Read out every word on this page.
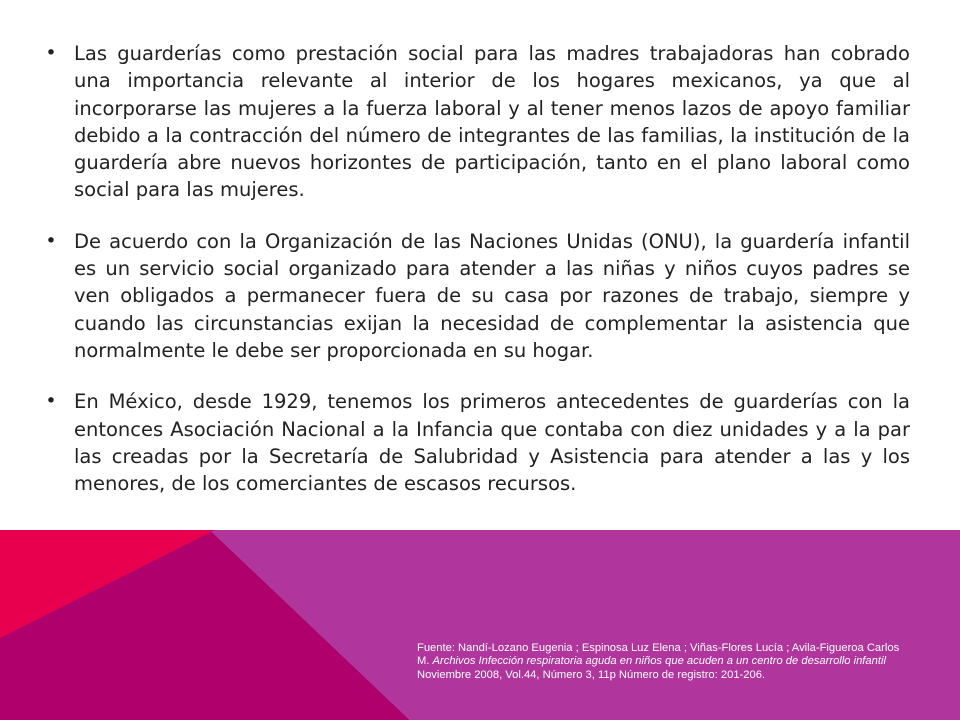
• Las guarderías como prestación social para las madres trabajadoras han cobrado una importancia relevante al interior de los hogares mexicanos, ya que al incorporarse las mujeres a la fuerza laboral y al tener menos lazos de apoyo familiar debido a la contracción del número de integrantes de las familias, la institución de la guardería abre nuevos horizontes de participación, tanto en el plano laboral como social para las mujeres.
• De acuerdo con la Organización de las Naciones Unidas (ONU), la guardería infantil es un servicio social organizado para atender a las niñas y niños cuyos padres se ven obligados a permanecer fuera de su casa por razones de trabajo, siempre y cuando las circunstancias exijan la necesidad de complementar la asistencia que normalmente le debe ser proporcionada en su hogar.
• En México, desde 1929, tenemos los primeros antecedentes de guarderías con la entonces Asociación Nacional a la Infancia que contaba con diez unidades y a la par las creadas por la Secretaría de Salubridad y Asistencia para atender a las y los menores, de los comerciantes de escasos recursos.
Fuente: Nandí-Lozano Eugenia ; Espinosa Luz Elena ; Viñas-Flores Lucía ; Avila-Figueroa Carlos
M. Archivos Infección respiratoria aguda en niños que acuden a un centro de desarrollo infantil
Noviembre 2008, Vol.44, Número 3, 11p Número de registro: 201-206.
